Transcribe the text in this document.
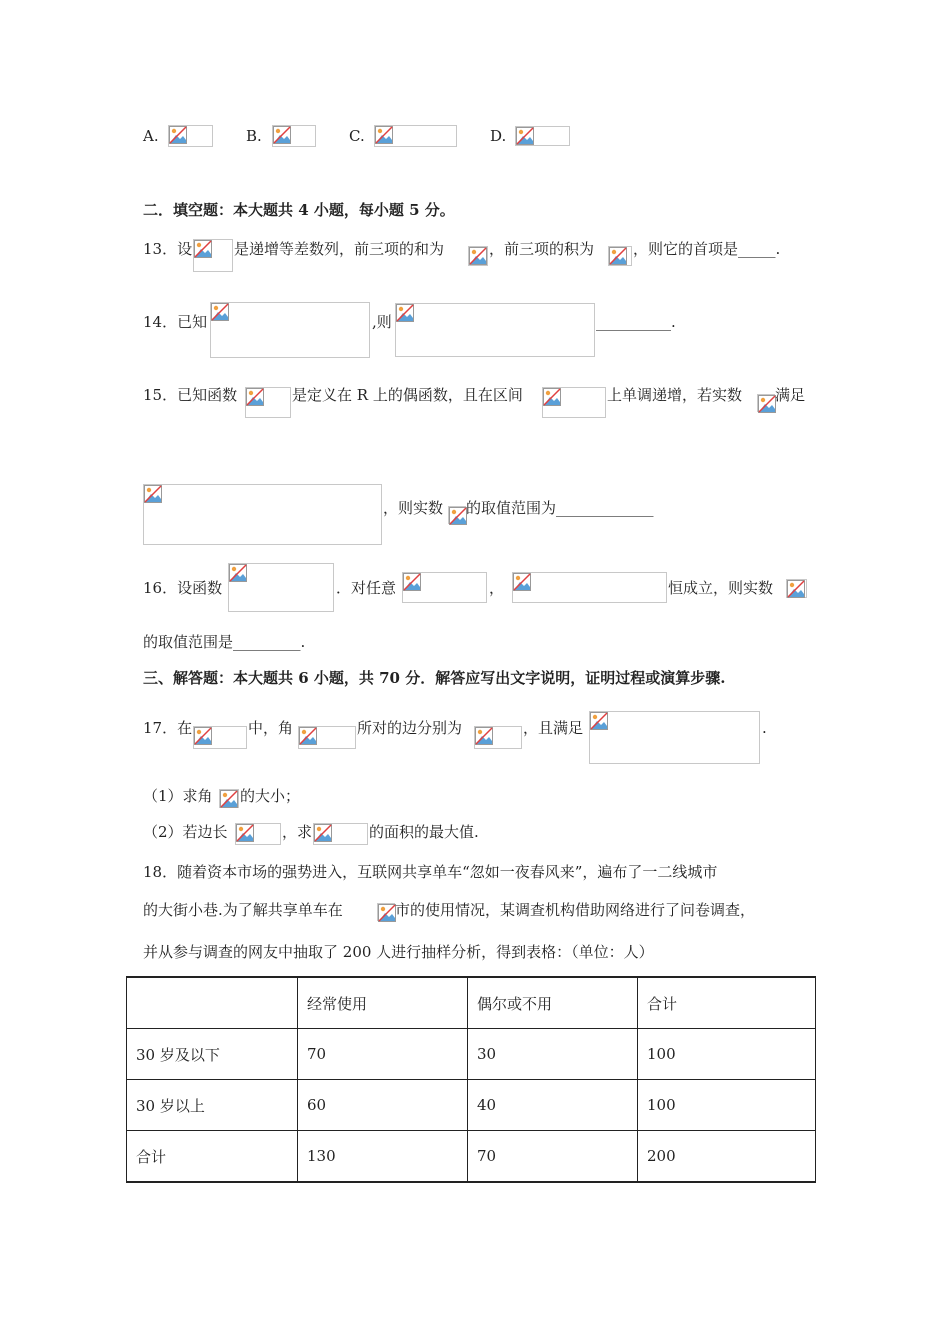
A.	B.	C.	D.
二．填空题：本大题共 4 小题，每小题 5 分。
13．设	是递增等差数列，前三项的和为	，前三项的积为	，则它的首项是_____.
14．已知	,则	__________.
15．已知函数	是定义在 R 上的偶函数，且在区间	上单调递增，若实数 满足
，则实数 的取值范围为_____________
16．设函数	．对任意	，	恒成立，则实数
的取值范围是_________.
三、解答题：本大题共 6 小题，共 70 分．解答应写出文字说明，证明过程或演算步骤.
17．在	中，角	所对的边分别为	，且满足	.
（1）求角 的大小；
（2）若边长	，求	的面积的最大值.
18．随着资本市场的强势进入，互联网共享单车“忽如一夜春风来”，遍布了一二线城市
的大街小巷.为了解共享单车在	市的使用情况，某调查机构借助网络进行了问卷调查，
并从参与调查的网友中抽取了 200 人进行抽样分析，得到表格：（单位：人）
	经常使用	偶尔或不用	合计
30 岁及以下	70	30	100
30 岁以上	60	40	100
合计	130	70	200
